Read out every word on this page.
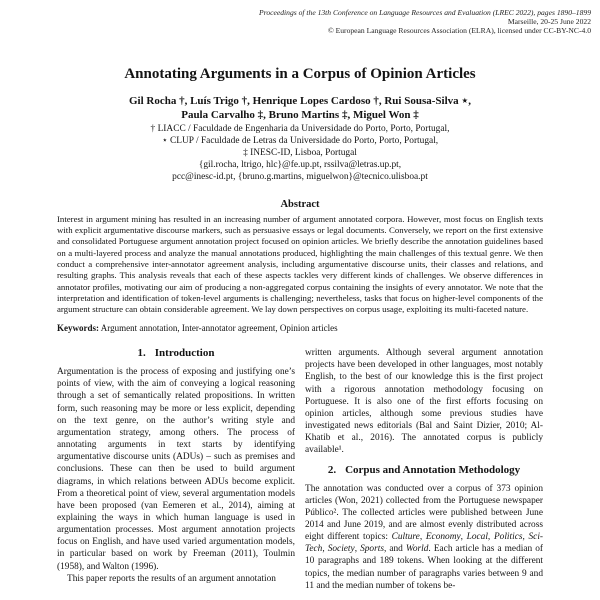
Proceedings of the 13th Conference on Language Resources and Evaluation (LREC 2022), pages 1890–1899
Marseille, 20-25 June 2022
© European Language Resources Association (ELRA), licensed under CC-BY-NC-4.0
Annotating Arguments in a Corpus of Opinion Articles
Gil Rocha †, Luís Trigo †, Henrique Lopes Cardoso †, Rui Sousa-Silva ⋆,
Paula Carvalho ‡, Bruno Martins ‡, Miguel Won ‡
† LIACC / Faculdade de Engenharia da Universidade do Porto, Porto, Portugal,
⋆ CLUP / Faculdade de Letras da Universidade do Porto, Porto, Portugal,
‡ INESC-ID, Lisboa, Portugal
{gil.rocha, ltrigo, hlc}@fe.up.pt, rssilva@letras.up.pt,
pcc@inesc-id.pt, {bruno.g.martins, miguelwon}@tecnico.ulisboa.pt
Abstract

Interest in argument mining has resulted in an increasing number of argument annotated corpora. However, most focus on English texts with explicit argumentative discourse markers, such as persuasive essays or legal documents. Conversely, we report on the first extensive and consolidated Portuguese argument annotation project focused on opinion articles. We briefly describe the annotation guidelines based on a multi-layered process and analyze the manual annotations produced, highlighting the main challenges of this textual genre. We then conduct a comprehensive inter-annotator agreement analysis, including argumentative discourse units, their classes and relations, and resulting graphs. This analysis reveals that each of these aspects tackles very different kinds of challenges. We observe differences in annotator profiles, motivating our aim of producing a non-aggregated corpus containing the insights of every annotator. We note that the interpretation and identification of token-level arguments is challenging; nevertheless, tasks that focus on higher-level components of the argument structure can obtain considerable agreement. We lay down perspectives on corpus usage, exploiting its multi-faceted nature.

Keywords: Argument annotation, Inter-annotator agreement, Opinion articles

1. Introduction

Argumentation is the process of exposing and justifying one’s points of view, with the aim of conveying a logical reasoning through a set of semantically related propositions. In written form, such reasoning may be more or less explicit, depending on the text genre, on the author’s writing style and argumentation strategy, among others. The process of annotating arguments in text starts by identifying argumentative discourse units (ADUs) – such as premises and conclusions. These can then be used to build argument diagrams, in which relations between ADUs become explicit. From a theoretical point of view, several argumentation models have been proposed (van Eemeren et al., 2014), aiming at explaining the ways in which human language is used in argumentation processes. Most argument annotation projects focus on English, and have used varied argumentation models, in particular based on work by Freeman (2011), Toulmin (1958), and Walton (1996).

This paper reports the results of an argument annotation

written arguments. Although several argument annotation projects have been developed in other languages, most notably English, to the best of our knowledge this is the first project with a rigorous annotation methodology focusing on Portuguese. It is also one of the first efforts focusing on opinion articles, although some previous studies have investigated news editorials (Bal and Saint Dizier, 2010; Al-Khatib et al., 2016). The annotated corpus is publicly available¹.

2. Corpus and Annotation Methodology

The annotation was conducted over a corpus of 373 opinion articles (Won, 2021) collected from the Portuguese newspaper Público². The collected articles were published between June 2014 and June 2019, and are almost evenly distributed across eight different topics: Culture, Economy, Local, Politics, Sci-Tech, Society, Sports, and World. Each article has a median of 10 paragraphs and 189 tokens. When looking at the different topics, the median number of paragraphs varies between 9 and 11 and the median number of tokens be-
